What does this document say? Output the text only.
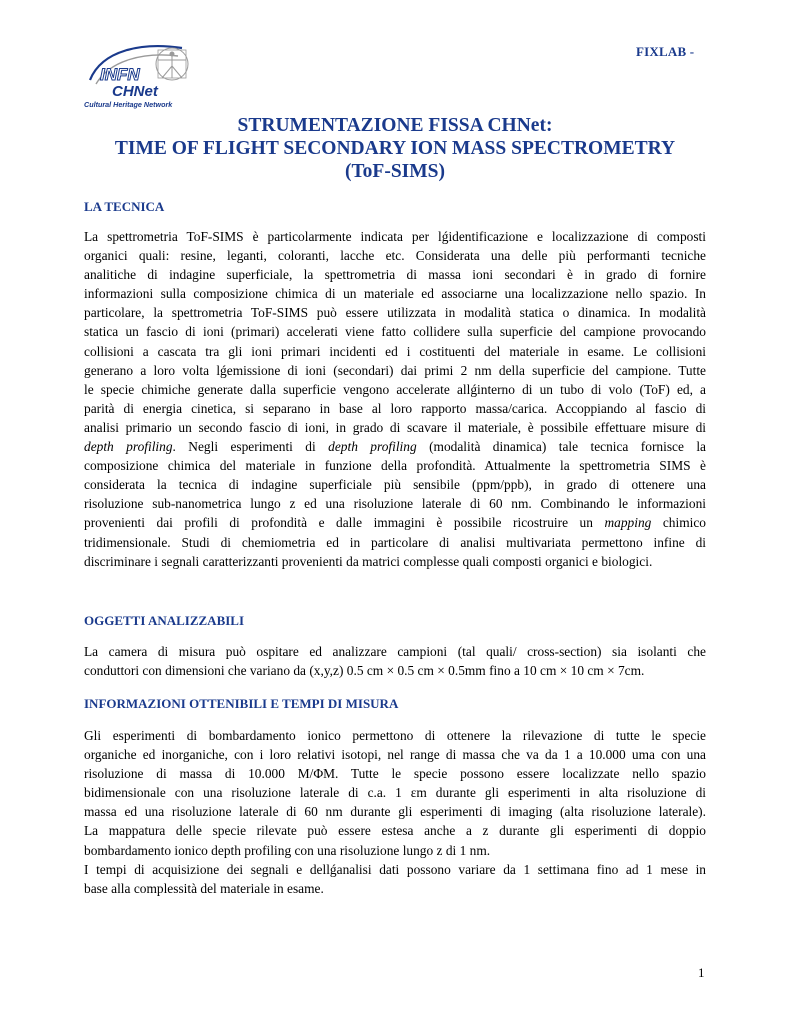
FIXLAB -
INFN
CHNet
Cultural Heritage Network
STRUMENTAZIONE FISSA CHNet:
TIME OF FLIGHT SECONDARY ION MASS SPECTROMETRY
(ToF-SIMS)
LA TECNICA
La spettrometria ToF-SIMS è particolarmente indicata per lǵidentificazione e localizzazione di composti
organici quali: resine, leganti, coloranti, lacche etc. Considerata una delle più performanti tecniche
analitiche di indagine superficiale, la spettrometria di massa ioni secondari è in grado di fornire
informazioni sulla composizione chimica di un materiale ed associarne una localizzazione nello spazio. In
particolare, la spettrometria ToF-SIMS può essere utilizzata in modalità statica o dinamica. In modalità
statica un fascio di ioni (primari) accelerati viene fatto collidere sulla superficie del campione provocando
collisioni a cascata tra gli ioni primari incidenti ed i costituenti del materiale in esame. Le collisioni
generano a loro volta lǵemissione di ioni (secondari) dai primi 2 nm della superficie del campione. Tutte
le specie chimiche generate dalla superficie vengono accelerate allǵinterno di un tubo di volo (ToF) ed, a
parità di energia cinetica, si separano in base al loro rapporto massa/carica. Accoppiando al fascio di
analisi primario un secondo fascio di ioni, in grado di scavare il materiale, è possibile effettuare misure di
depth profiling. Negli esperimenti di depth profiling (modalità dinamica) tale tecnica fornisce la
composizione chimica del materiale in funzione della profondità. Attualmente la spettrometria SIMS è
considerata la tecnica di indagine superficiale più sensibile (ppm/ppb), in grado di ottenere una
risoluzione sub-nanometrica lungo z ed una risoluzione laterale di 60 nm. Combinando le informazioni
provenienti dai profili di profondità e dalle immagini è possibile ricostruire un mapping chimico
tridimensionale. Studi di chemiometria ed in particolare di analisi multivariata permettono infine di
discriminare i segnali caratterizzanti provenienti da matrici complesse quali composti organici e biologici.
OGGETTI ANALIZZABILI
La camera di misura può ospitare ed analizzare campioni (tal quali/ cross-section) sia isolanti che
conduttori con dimensioni che variano da (x,y,z) 0.5 cm × 0.5 cm × 0.5mm fino a 10 cm × 10 cm × 7cm.
INFORMAZIONI OTTENIBILI E TEMPI DI MISURA
Gli esperimenti di bombardamento ionico permettono di ottenere la rilevazione di tutte le specie
organiche ed inorganiche, con i loro relativi isotopi, nel range di massa che va da 1 a 10.000 uma con una
risoluzione di massa di 10.000 M/ΦM. Tutte le specie possono essere localizzate nello spazio
bidimensionale con una risoluzione laterale di c.a. 1 εm durante gli esperimenti in alta risoluzione di
massa ed una risoluzione laterale di 60 nm durante gli esperimenti di imaging (alta risoluzione laterale).
La mappatura delle specie rilevate può essere estesa anche a z durante gli esperimenti di doppio
bombardamento ionico depth profiling con una risoluzione lungo z di 1 nm.
I tempi di acquisizione dei segnali e dellǵanalisi dati possono variare da 1 settimana fino ad 1 mese in
base alla complessità del materiale in esame.
1
